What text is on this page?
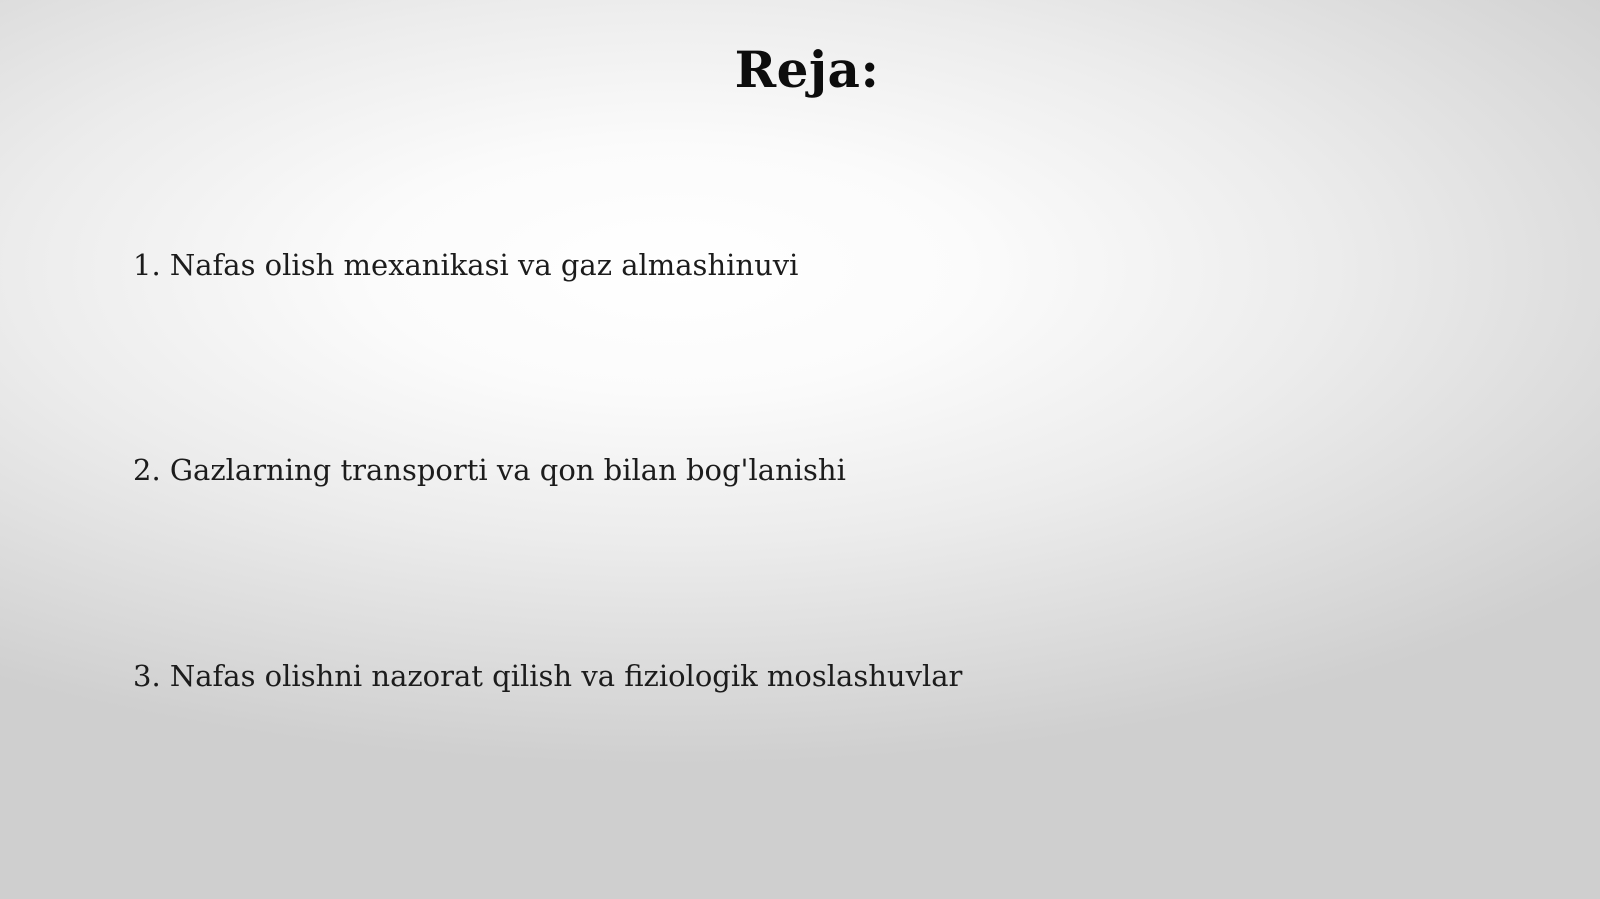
Reja:
1. Nafas olish mexanikasi va gaz almashinuvi
2. Gazlarning transporti va qon bilan bog'lanishi
3. Nafas olishni nazorat qilish va fiziologik moslashuvlar
